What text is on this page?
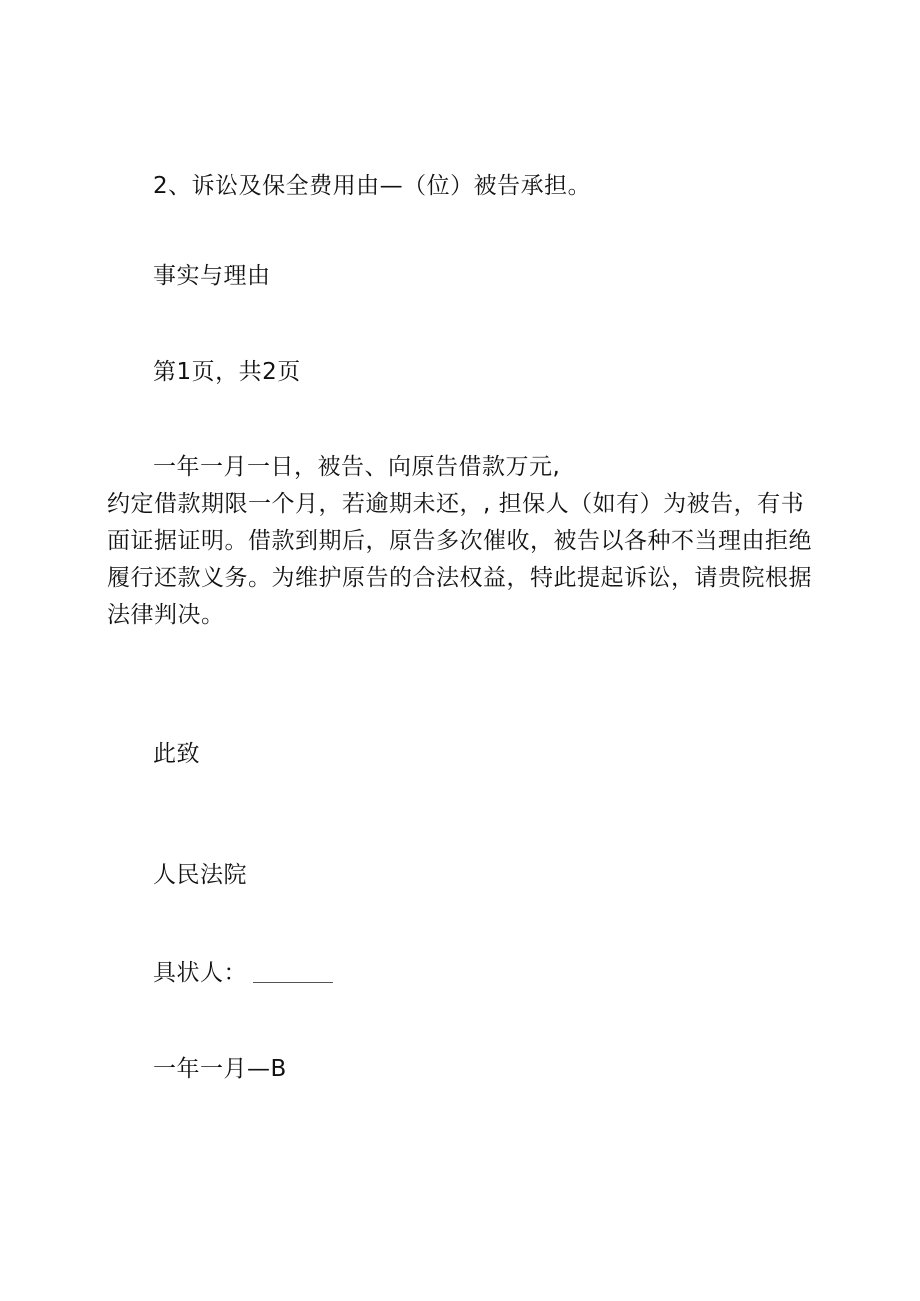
2、诉讼及保全费用由—（位）被告承担。
事实与理由
第1页，共2页
一年一月一日，被告、向原告借款万元,
约定借款期限一个月，若逾期未还，, 担保人（如有）为被告，有书面证据证明。借款到期后，原告多次催收，被告以各种不当理由拒绝履行还款义务。为维护原告的合法权益，特此提起诉讼，请贵院根据法律判决。
此致
人民法院
具状人：
一年一月—B
